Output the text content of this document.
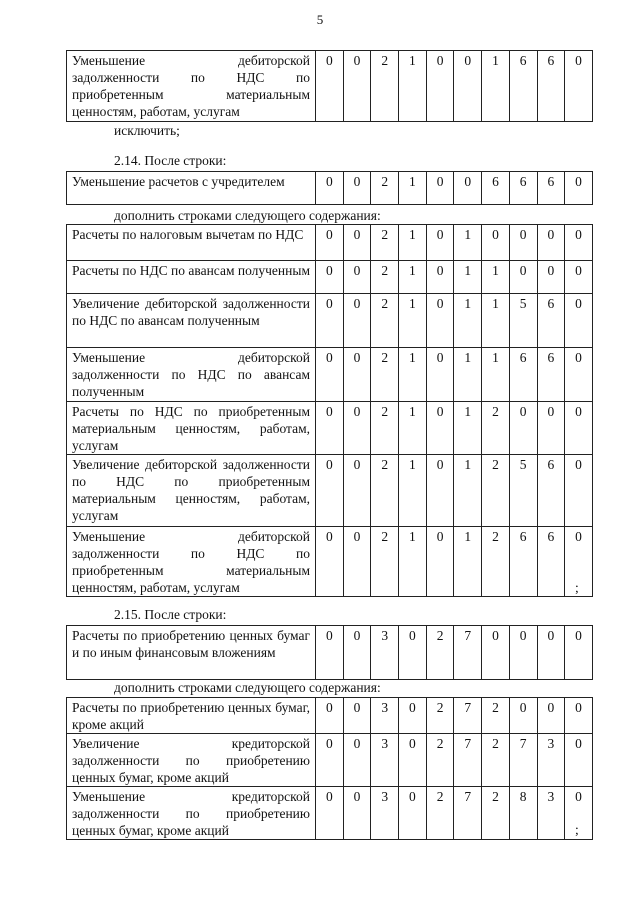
5
Уменьшение дебиторской задолженности по НДС по приобретенным материальным ценностям, работам, услугам	0	0	2	1	0	0	1	6	6	0
исключить;
2.14. После строки:
Уменьшение расчетов с учредителем	0	0	2	1	0	0	6	6	6	0
дополнить строками следующего содержания:
Расчеты по налоговым вычетам по НДС	0	0	2	1	0	1	0	0	0	0
Расчеты по НДС по авансам полученным	0	0	2	1	0	1	1	0	0	0
Увеличение дебиторской задолженности по НДС по авансам полученным	0	0	2	1	0	1	1	5	6	0
Уменьшение дебиторской задолженности по НДС по авансам полученным	0	0	2	1	0	1	1	6	6	0
Расчеты по НДС по приобретенным материальным ценностям, работам, услугам	0	0	2	1	0	1	2	0	0	0
Увеличение дебиторской задолженности по НДС по приобретенным материальным ценностям, работам, услугам	0	0	2	1	0	1	2	5	6	0
Уменьшение дебиторской задолженности по НДС по приобретенным материальным ценностям, работам, услугам	0	0	2	1	0	1	2	6	6	0
;
2.15. После строки:
Расчеты по приобретению ценных бумаг и по иным финансовым вложениям	0	0	3	0	2	7	0	0	0	0
дополнить строками следующего содержания:
Расчеты по приобретению ценных бумаг, кроме акций	0	0	3	0	2	7	2	0	0	0
Увеличение кредиторской задолженности по приобретению ценных бумаг, кроме акций	0	0	3	0	2	7	2	7	3	0
Уменьшение кредиторской задолженности по приобретению ценных бумаг, кроме акций	0	0	3	0	2	7	2	8	3	0
;
